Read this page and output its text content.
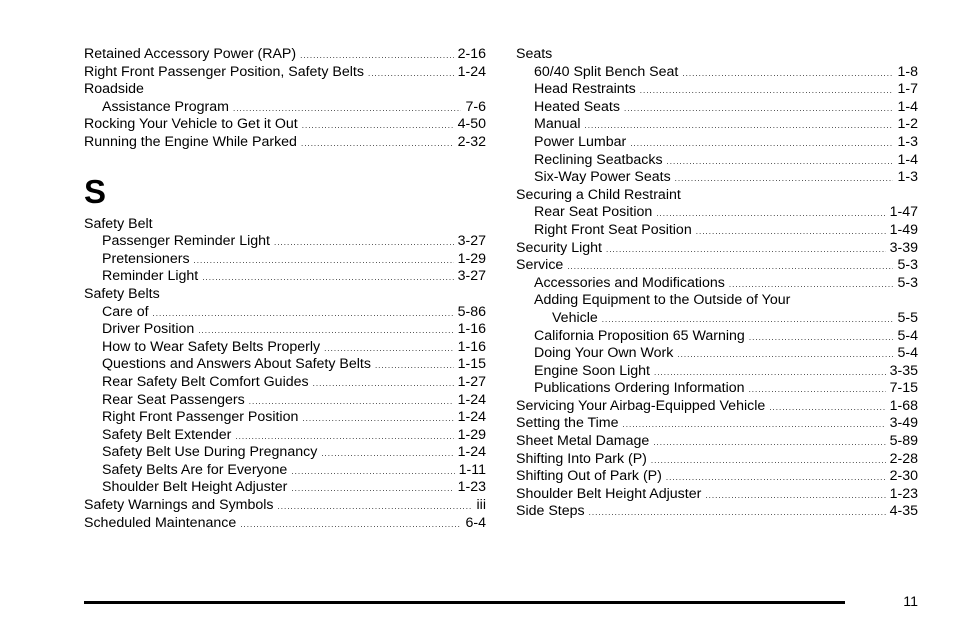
Retained Accessory Power (RAP) . . .	2-16
Right Front Passenger Position, Safety Belts . . .	1-24
Roadside
Assistance Program . . .	7-6
Rocking Your Vehicle to Get it Out . . .	4-50
Running the Engine While Parked . . .	2-32
S
Safety Belt
Passenger Reminder Light . . .	3-27
Pretensioners . . .	1-29
Reminder Light . . .	3-27
Safety Belts
Care of . . .	5-86
Driver Position . . .	1-16
How to Wear Safety Belts Properly . . .	1-16
Questions and Answers About Safety Belts . . .	1-15
Rear Safety Belt Comfort Guides . . .	1-27
Rear Seat Passengers . . .	1-24
Right Front Passenger Position . . .	1-24
Safety Belt Extender . . .	1-29
Safety Belt Use During Pregnancy . . .	1-24
Safety Belts Are for Everyone . . .	1-11
Shoulder Belt Height Adjuster . . .	1-23
Safety Warnings and Symbols . . .	iii
Scheduled Maintenance . . .	6-4
Seats
60/40 Split Bench Seat . . .	1-8
Head Restraints . . .	1-7
Heated Seats . . .	1-4
Manual . . .	1-2
Power Lumbar . . .	1-3
Reclining Seatbacks . . .	1-4
Six-Way Power Seats . . .	1-3
Securing a Child Restraint
Rear Seat Position . . .	1-47
Right Front Seat Position . . .	1-49
Security Light . . .	3-39
Service . . .	5-3
Accessories and Modifications . . .	5-3
Adding Equipment to the Outside of Your
Vehicle . . .	5-5
California Proposition 65 Warning . . .	5-4
Doing Your Own Work . . .	5-4
Engine Soon Light . . .	3-35
Publications Ordering Information . . .	7-15
Servicing Your Airbag-Equipped Vehicle . . .	1-68
Setting the Time . . .	3-49
Sheet Metal Damage . . .	5-89
Shifting Into Park (P) . . .	2-28
Shifting Out of Park (P) . . .	2-30
Shoulder Belt Height Adjuster . . .	1-23
Side Steps . . .	4-35
11
